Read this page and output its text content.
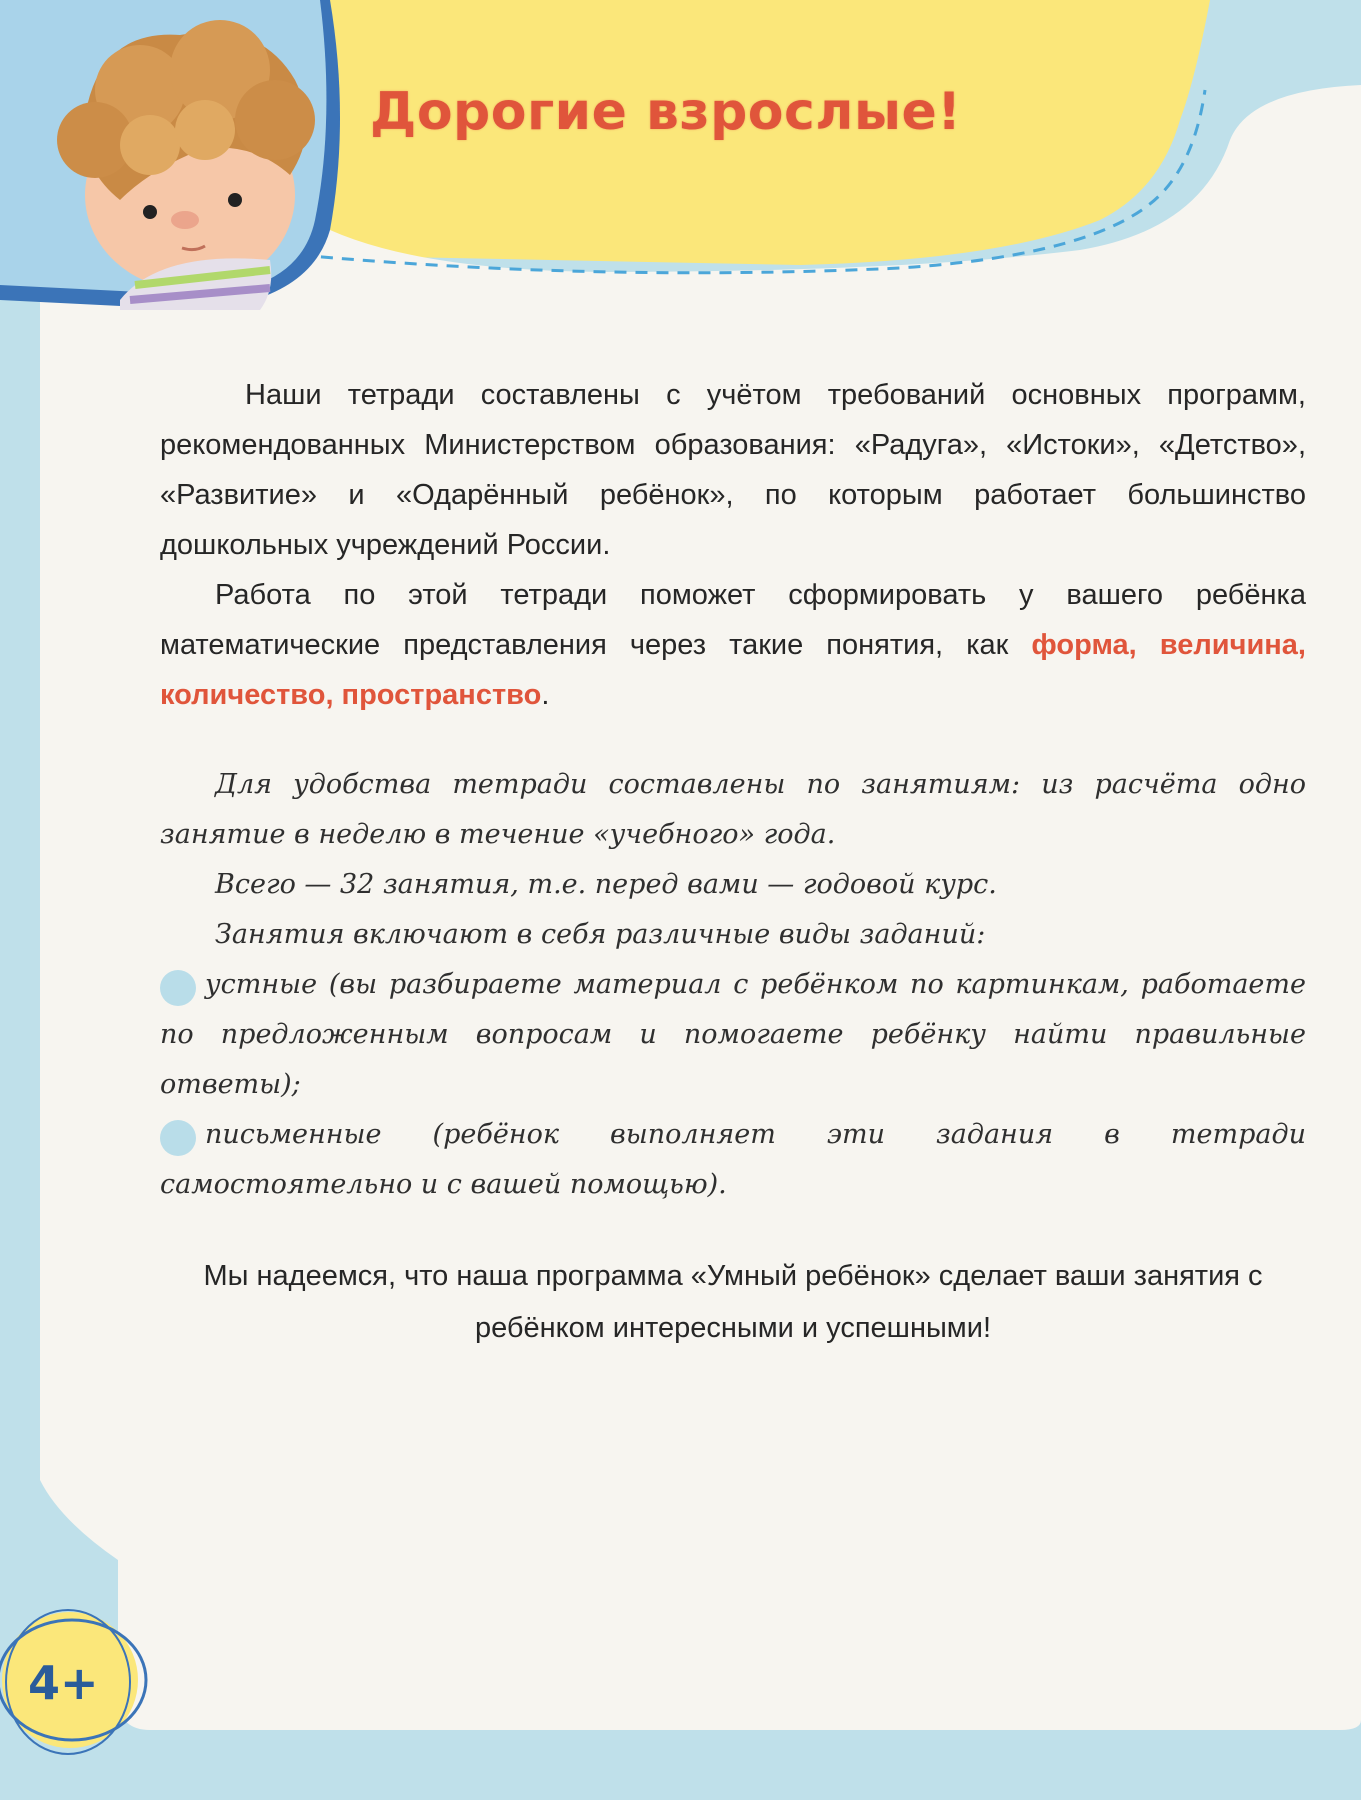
Дорогие взрослые!

Наши тетради составлены с учётом требований основных программ, рекомендованных Министерством образования: «Радуга», «Истоки», «Детство», «Развитие» и «Одарённый ребёнок», по которым работает большинство дошкольных учреждений России.

Работа по этой тетради поможет сформировать у вашего ребёнка математические представления через такие понятия, как форма, величина, количество, пространство.

Для удобства тетради составлены по занятиям: из расчёта одно занятие в неделю в течение «учебного» года.

Всего — 32 занятия, т.е. перед вами — годовой курс.

Занятия включают в себя различные виды заданий:

устные (вы разбираете материал с ребёнком по картинкам, работаете по предложенным вопросам и помогаете ребёнку найти правильные ответы);

письменные (ребёнок выполняет эти задания в тетради самостоятельно и с вашей помощью).

Мы надеемся, что наша программа «Умный ребёнок» сделает ваши занятия с ребёнком интересными и успешными!

4+
